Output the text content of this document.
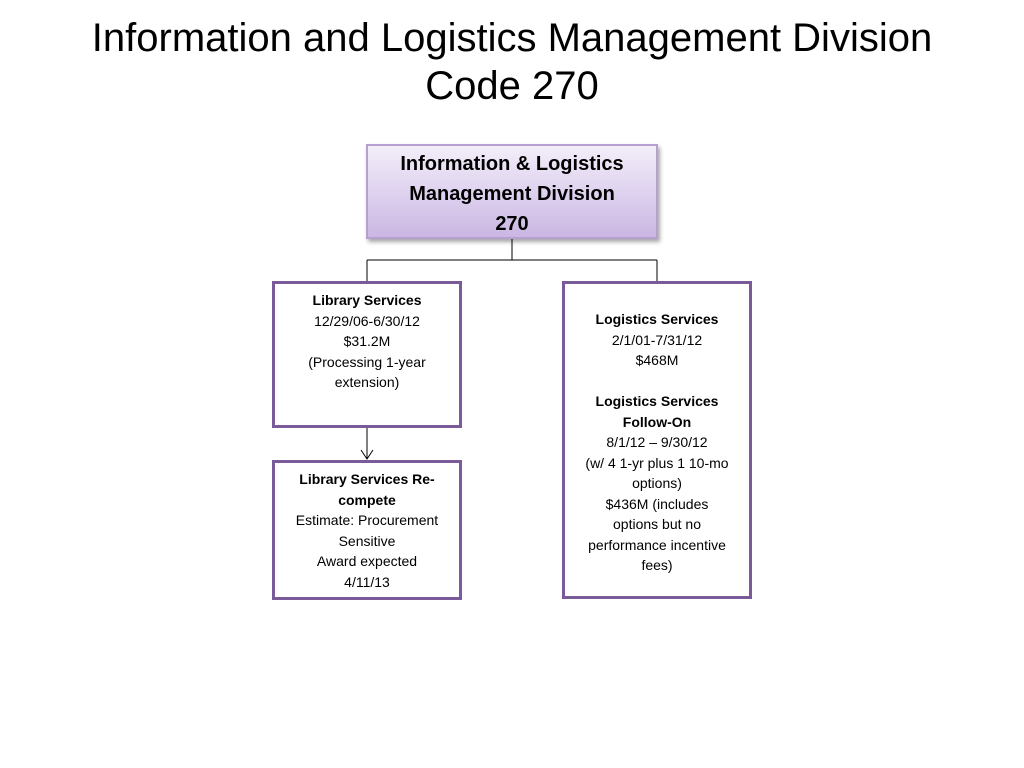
Information and Logistics Management Division
Code 270
Information & Logistics
Management Division
270
Library Services
12/29/06-6/30/12
$31.2M
(Processing 1-year
extension)
Logistics Services
2/1/01-7/31/12
$468M
Logistics Services
Follow-On
8/1/12 – 9/30/12
(w/ 4 1-yr plus 1 10-mo
options)
$436M (includes
options but no
performance incentive
fees)
Library Services Re-
compete
Estimate: Procurement
Sensitive
Award expected
4/11/13
